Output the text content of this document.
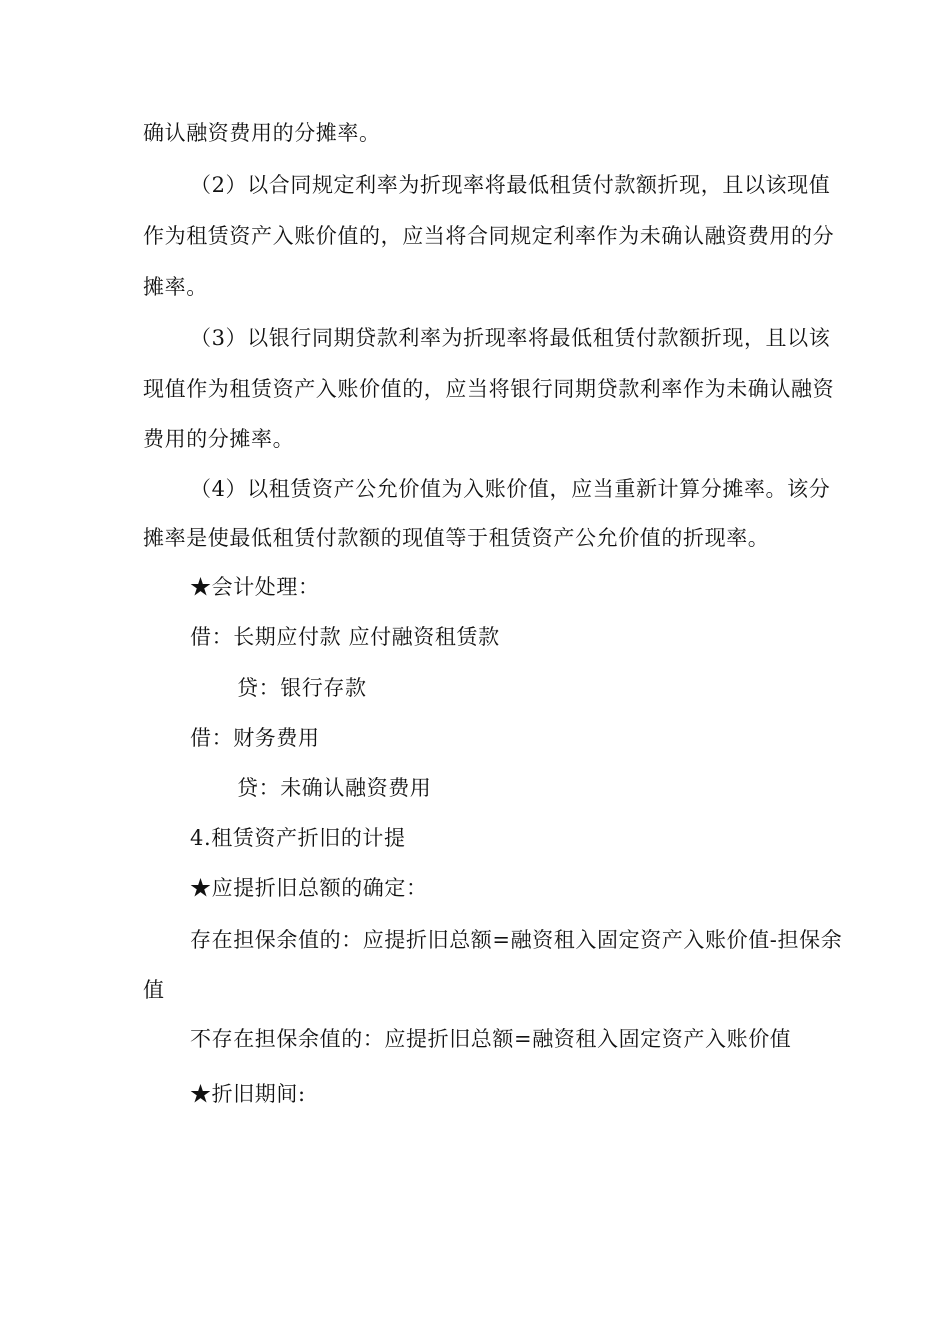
确认融资费用的分摊率。
（2）以合同规定利率为折现率将最低租赁付款额折现，且以该现值
作为租赁资产入账价值的，应当将合同规定利率作为未确认融资费用的分
摊率。
（3）以银行同期贷款利率为折现率将最低租赁付款额折现，且以该
现值作为租赁资产入账价值的，应当将银行同期贷款利率作为未确认融资
费用的分摊率。
（4）以租赁资产公允价值为入账价值，应当重新计算分摊率。该分
摊率是使最低租赁付款额的现值等于租赁资产公允价值的折现率。
★会计处理：
借：长期应付款 应付融资租赁款
贷：银行存款
借：财务费用
贷：未确认融资费用
4.租赁资产折旧的计提
★应提折旧总额的确定：
存在担保余值的：应提折旧总额=融资租入固定资产入账价值-担保余
值
不存在担保余值的：应提折旧总额=融资租入固定资产入账价值
★折旧期间:
